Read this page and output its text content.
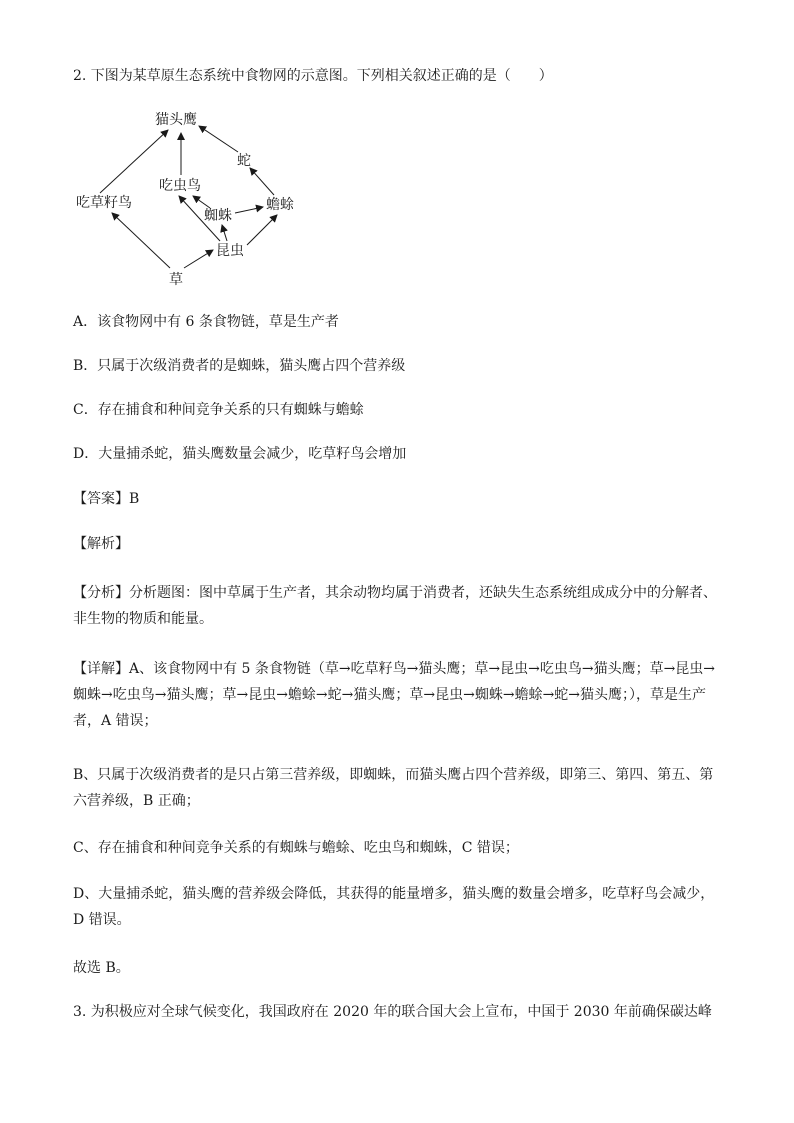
2. 下图为某草原生态系统中食物网的示意图。下列相关叙述正确的是（　　）
猫头鹰
蛇
吃虫鸟
吃草籽鸟
蜘蛛
蟾蜍
昆虫
草
A．该食物网中有 6 条食物链，草是生产者
B．只属于次级消费者的是蜘蛛，猫头鹰占四个营养级
C．存在捕食和种间竞争关系的只有蜘蛛与蟾蜍
D．大量捕杀蛇，猫头鹰数量会减少，吃草籽鸟会增加
【答案】B
【解析】
【分析】分析题图：图中草属于生产者，其余动物均属于消费者，还缺失生态系统组成成分中的分解者、非生物的物质和能量。
【详解】A、该食物网中有 5 条食物链（草→吃草籽鸟→猫头鹰；草→昆虫→吃虫鸟→猫头鹰；草→昆虫→蜘蛛→吃虫鸟→猫头鹰；草→昆虫→蟾蜍→蛇→猫头鹰；草→昆虫→蜘蛛→蟾蜍→蛇→猫头鹰；），草是生产者，A 错误；
B、只属于次级消费者的是只占第三营养级，即蜘蛛，而猫头鹰占四个营养级，即第三、第四、第五、第六营养级，B 正确；
C、存在捕食和种间竞争关系的有蜘蛛与蟾蜍、吃虫鸟和蜘蛛，C 错误；
D、大量捕杀蛇，猫头鹰的营养级会降低，其获得的能量增多，猫头鹰的数量会增多，吃草籽鸟会减少，D 错误。
故选 B。
3. 为积极应对全球气候变化，我国政府在 2020 年的联合国大会上宣布，中国于 2030 年前确保碳达峰
